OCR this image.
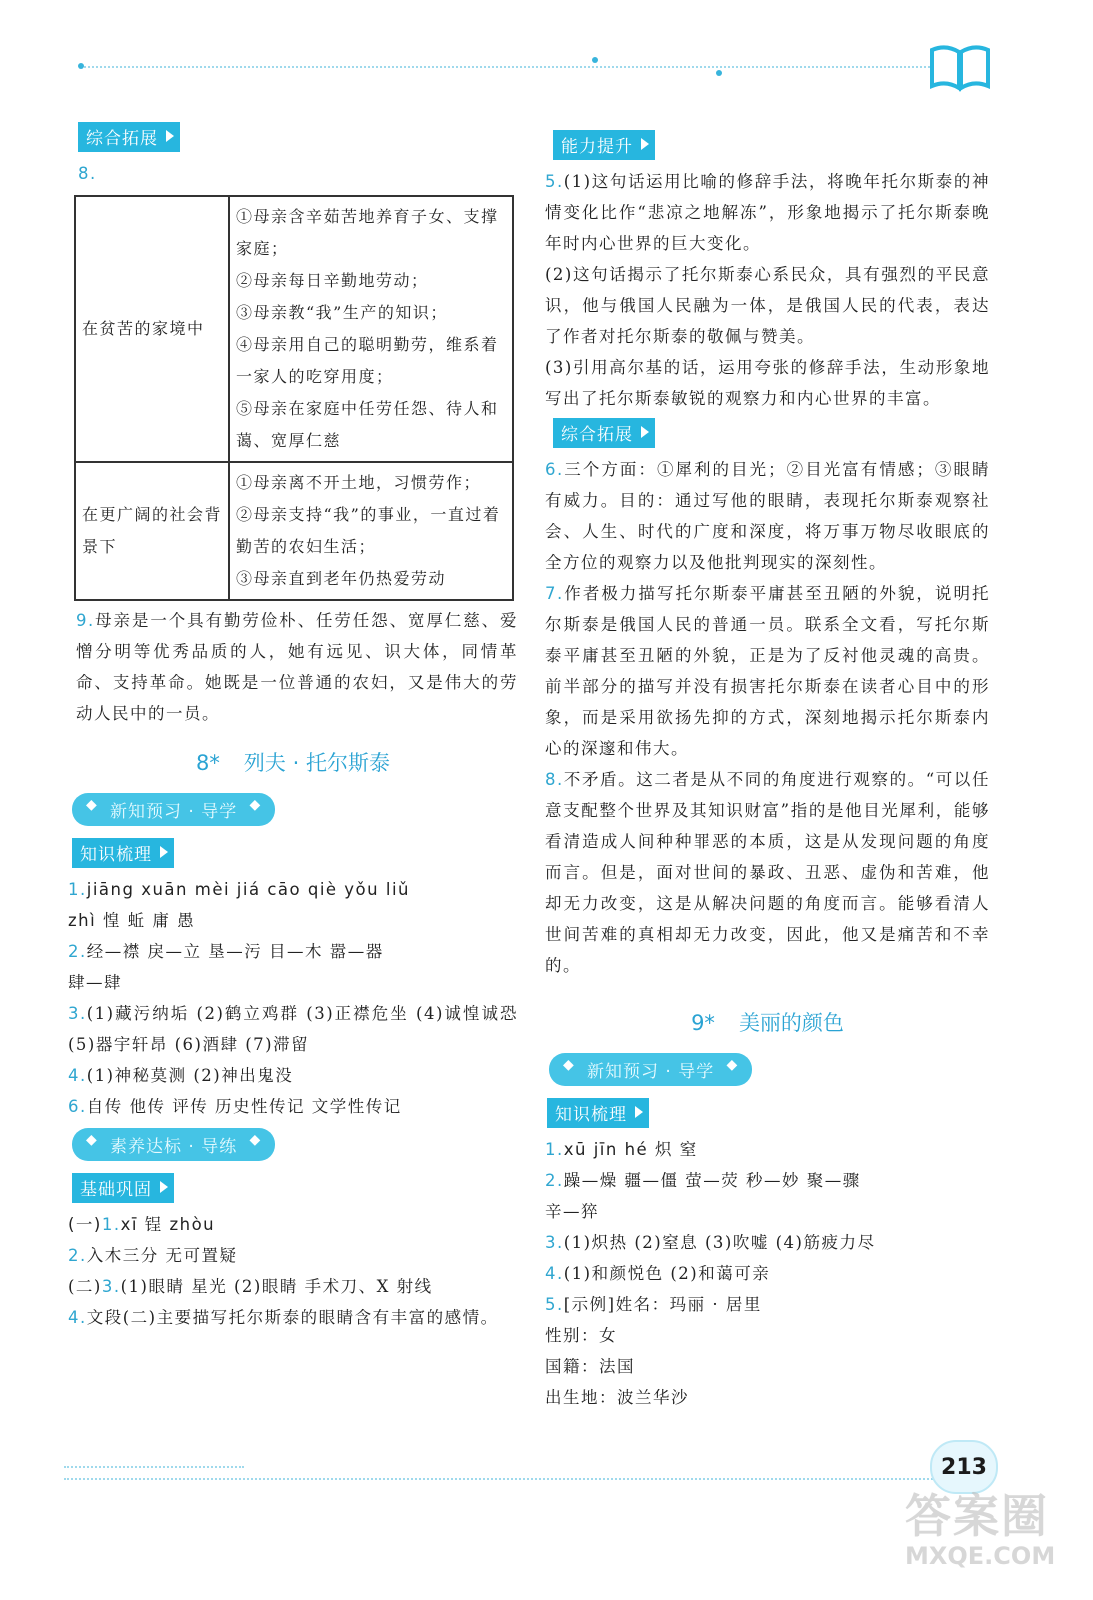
综合拓展

8.

在贫苦的家境中	①母亲含辛茹苦地养育子女、支撑家庭；
②母亲每日辛勤地劳动；
③母亲教“我”生产的知识；
④母亲用自己的聪明勤劳，维系着一家人的吃穿用度；
⑤母亲在家庭中任劳任怨、待人和蔼、宽厚仁慈

在更广阔的社会背景下	①母亲离不开土地，习惯劳作；
②母亲支持“我”的事业，一直过着勤苦的农妇生活；
③母亲直到老年仍热爱劳动

9.母亲是一个具有勤劳俭朴、任劳任怨、宽厚仁慈、爱憎分明等优秀品质的人，她有远见、识大体，同情革命、支持革命。她既是一位普通的农妇，又是伟大的劳动人民中的一员。

8* 列夫 · 托尔斯泰
◆ 新知预习 · 导学 ◆
知识梳理

1.jiāng xuān mèi jiá cāo qiè yǒu liǔ

zhì 惶 蚯 庸 愚

2.经—襟 戾—立 垦—污 目—木 嚣—器

肆—肆

3.(1)藏污纳垢 (2)鹤立鸡群 (3)正襟危坐 (4)诚惶诚恐 (5)器宇轩昂 (6)酒肆 (7)滞留

4.(1)神秘莫测 (2)神出鬼没

6.自传 他传 评传 历史性传记 文学性传记

◆ 素养达标 · 导练 ◆
基础巩固

(一)1.xī 锃 zhòu

2.入木三分 无可置疑

(二)3.(1)眼睛 星光 (2)眼睛 手术刀、X 射线

4.文段(二)主要描写托尔斯泰的眼睛含有丰富的感情。

能力提升

5.(1)这句话运用比喻的修辞手法，将晚年托尔斯泰的神情变化比作“悲凉之地解冻”，形象地揭示了托尔斯泰晚年时内心世界的巨大变化。

(2)这句话揭示了托尔斯泰心系民众，具有强烈的平民意识，他与俄国人民融为一体，是俄国人民的代表，表达了作者对托尔斯泰的敬佩与赞美。

(3)引用高尔基的话，运用夸张的修辞手法，生动形象地写出了托尔斯泰敏锐的观察力和内心世界的丰富。

综合拓展

6.三个方面：①犀利的目光；②目光富有情感；③眼睛有威力。目的：通过写他的眼睛，表现托尔斯泰观察社会、人生、时代的广度和深度，将万事万物尽收眼底的全方位的观察力以及他批判现实的深刻性。

7.作者极力描写托尔斯泰平庸甚至丑陋的外貌，说明托尔斯泰是俄国人民的普通一员。联系全文看，写托尔斯泰平庸甚至丑陋的外貌，正是为了反衬他灵魂的高贵。前半部分的描写并没有损害托尔斯泰在读者心目中的形象，而是采用欲扬先抑的方式，深刻地揭示托尔斯泰内心的深邃和伟大。

8.不矛盾。这二者是从不同的角度进行观察的。“可以任意支配整个世界及其知识财富”指的是他目光犀利，能够看清造成人间种种罪恶的本质，这是从发现问题的角度而言。但是，面对世间的暴政、丑恶、虚伪和苦难，他却无力改变，这是从解决问题的角度而言。能够看清人世间苦难的真相却无力改变，因此，他又是痛苦和不幸的。

9* 美丽的颜色
◆ 新知预习 · 导学 ◆
知识梳理

1.xū jīn hé 炽 窒

2.躁—燥 疆—僵 萤—荧 秒—妙 聚—骤

辛—猝

3.(1)炽热 (2)窒息 (3)吹嘘 (4)筋疲力尽

4.(1)和颜悦色 (2)和蔼可亲

5.[示例]姓名：玛丽 · 居里

性别：女

国籍：法国

出生地：波兰华沙

213
答案圈
MXQE.COM
